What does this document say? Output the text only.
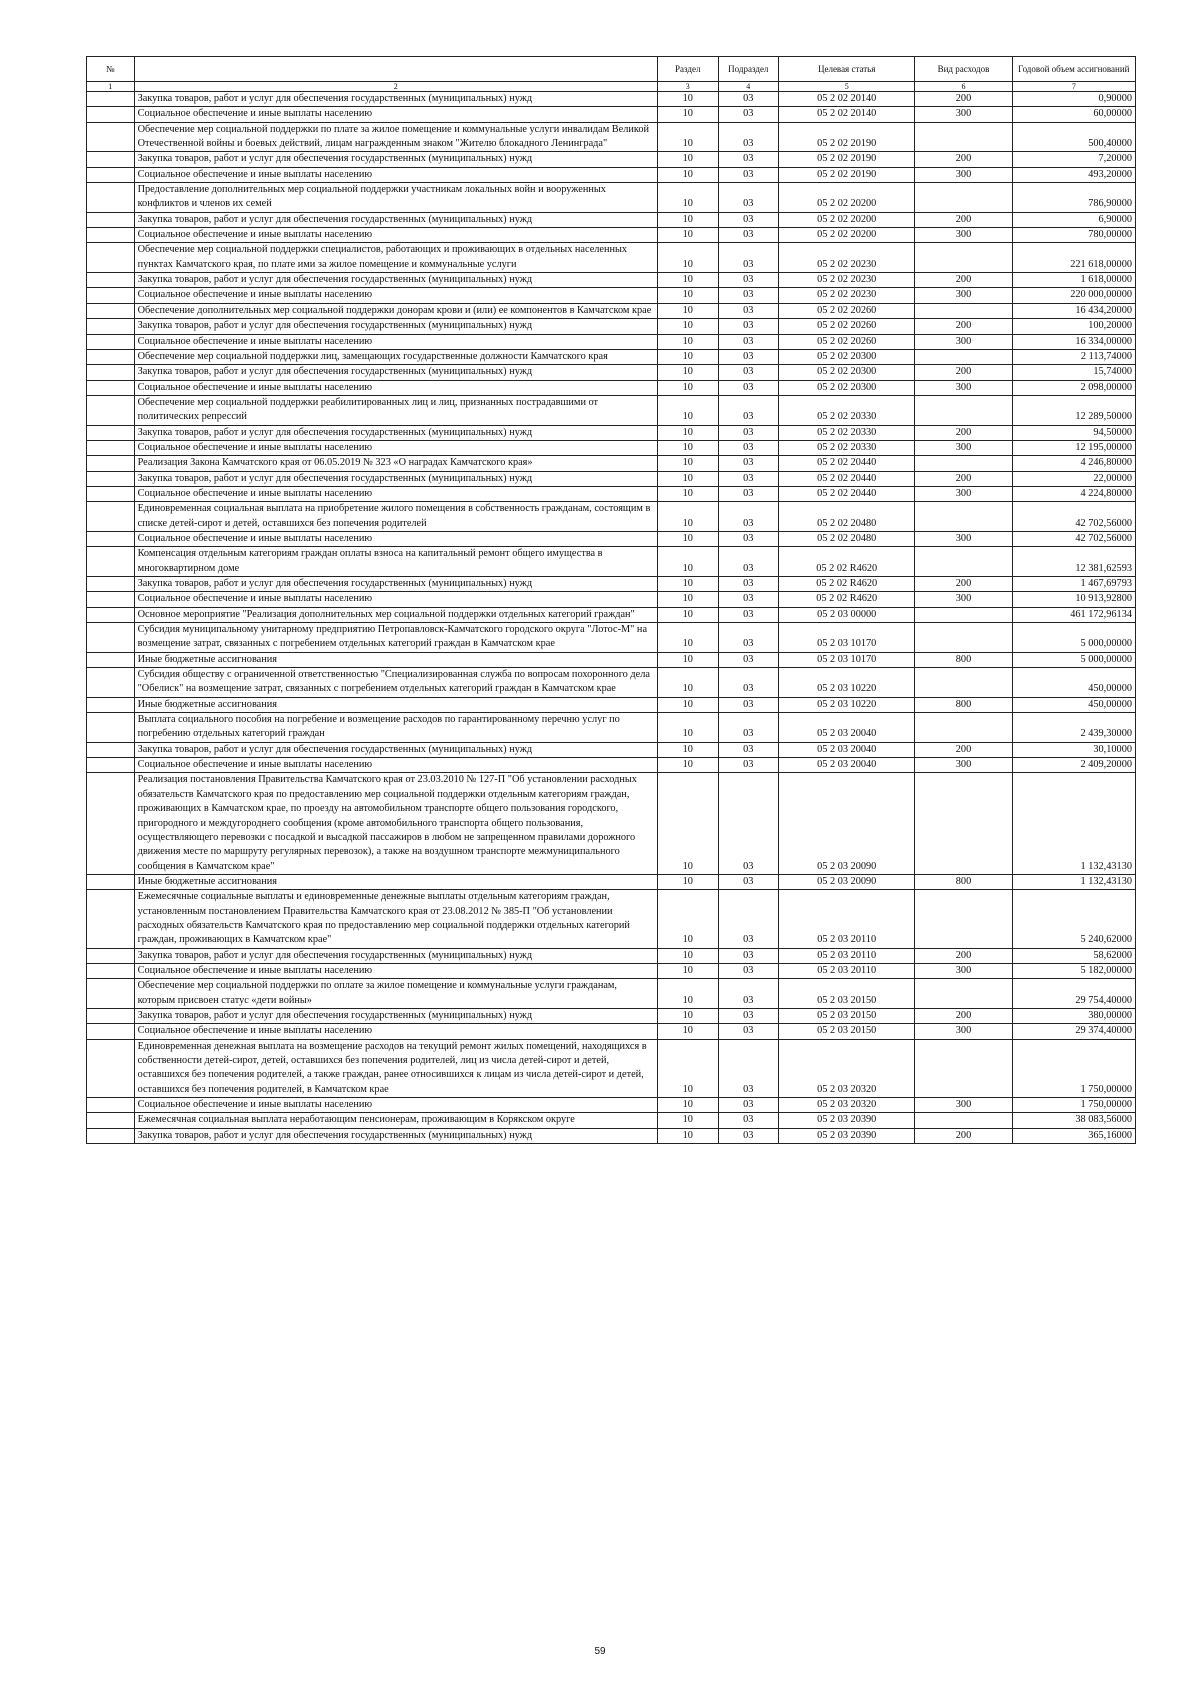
№		Раздел	Подраздел	Целевая статья	Вид расходов	Годовой объем ассигнований
1	2	3	4	5	6	7
	Закупка товаров, работ и услуг для обеспечения государственных (муниципальных) нужд	10	03	05 2 02 20140	200	0,90000
	Социальное обеспечение и иные выплаты населению	10	03	05 2 02 20140	300	60,00000
	Обеспечение мер социальной поддержки по плате за жилое помещение и коммунальные услуги инвалидам Великой Отечественной войны и боевых действий, лицам награжденным знаком "Жителю блокадного Ленинграда"	10	03	05 2 02 20190		500,40000
	Закупка товаров, работ и услуг для обеспечения государственных (муниципальных) нужд	10	03	05 2 02 20190	200	7,20000
	Социальное обеспечение и иные выплаты населению	10	03	05 2 02 20190	300	493,20000
	Предоставление дополнительных мер социальной поддержки участникам локальных войн и вооруженных конфликтов и членов их семей	10	03	05 2 02 20200		786,90000
	Закупка товаров, работ и услуг для обеспечения государственных (муниципальных) нужд	10	03	05 2 02 20200	200	6,90000
	Социальное обеспечение и иные выплаты населению	10	03	05 2 02 20200	300	780,00000
	Обеспечение мер социальной поддержки специалистов, работающих и проживающих в отдельных населенных пунктах Камчатского края, по плате ими за жилое помещение и коммунальные услуги	10	03	05 2 02 20230		221 618,00000
	Закупка товаров, работ и услуг для обеспечения государственных (муниципальных) нужд	10	03	05 2 02 20230	200	1 618,00000
	Социальное обеспечение и иные выплаты населению	10	03	05 2 02 20230	300	220 000,00000
	Обеспечение дополнительных мер социальной поддержки донорам крови и (или) ее компонентов в Камчатском крае	10	03	05 2 02 20260		16 434,20000
	Закупка товаров, работ и услуг для обеспечения государственных (муниципальных) нужд	10	03	05 2 02 20260	200	100,20000
	Социальное обеспечение и иные выплаты населению	10	03	05 2 02 20260	300	16 334,00000
	Обеспечение мер социальной поддержки лиц, замещающих государственные должности Камчатского края	10	03	05 2 02 20300		2 113,74000
	Закупка товаров, работ и услуг для обеспечения государственных (муниципальных) нужд	10	03	05 2 02 20300	200	15,74000
	Социальное обеспечение и иные выплаты населению	10	03	05 2 02 20300	300	2 098,00000
	Обеспечение мер социальной поддержки реабилитированных лиц и лиц, признанных пострадавшими от политических репрессий	10	03	05 2 02 20330		12 289,50000
	Закупка товаров, работ и услуг для обеспечения государственных (муниципальных) нужд	10	03	05 2 02 20330	200	94,50000
	Социальное обеспечение и иные выплаты населению	10	03	05 2 02 20330	300	12 195,00000
	Реализация Закона Камчатского края от 06.05.2019 № 323 «О наградах Камчатского края»	10	03	05 2 02 20440		4 246,80000
	Закупка товаров, работ и услуг для обеспечения государственных (муниципальных) нужд	10	03	05 2 02 20440	200	22,00000
	Социальное обеспечение и иные выплаты населению	10	03	05 2 02 20440	300	4 224,80000
	Единовременная социальная выплата на приобретение жилого помещения в собственность гражданам, состоящим в списке детей-сирот и детей, оставшихся без попечения родителей	10	03	05 2 02 20480		42 702,56000
	Социальное обеспечение и иные выплаты населению	10	03	05 2 02 20480	300	42 702,56000
	Компенсация отдельным категориям граждан оплаты взноса на капитальный ремонт общего имущества в многоквартирном доме	10	03	05 2 02 R4620		12 381,62593
	Закупка товаров, работ и услуг для обеспечения государственных (муниципальных) нужд	10	03	05 2 02 R4620	200	1 467,69793
	Социальное обеспечение и иные выплаты населению	10	03	05 2 02 R4620	300	10 913,92800
	Основное мероприятие "Реализация дополнительных мер социальной поддержки отдельных категорий граждан"	10	03	05 2 03 00000		461 172,96134
	Субсидия муниципальному унитарному предприятию Петропавловск-Камчатского городского округа "Лотос-М" на возмещение затрат, связанных с погребением отдельных категорий граждан в Камчатском крае	10	03	05 2 03 10170		5 000,00000
	Иные бюджетные ассигнования	10	03	05 2 03 10170	800	5 000,00000
	Субсидия обществу с ограниченной ответственностью "Специализированная служба по вопросам похоронного дела "Обелиск" на возмещение затрат, связанных с погребением отдельных категорий граждан в Камчатском крае	10	03	05 2 03 10220		450,00000
	Иные бюджетные ассигнования	10	03	05 2 03 10220	800	450,00000
	Выплата социального пособия на погребение и возмещение расходов по гарантированному перечню услуг по погребению отдельных категорий граждан	10	03	05 2 03 20040		2 439,30000
	Закупка товаров, работ и услуг для обеспечения государственных (муниципальных) нужд	10	03	05 2 03 20040	200	30,10000
	Социальное обеспечение и иные выплаты населению	10	03	05 2 03 20040	300	2 409,20000
	Реализация постановления Правительства Камчатского края от 23.03.2010 № 127-П "Об установлении расходных обязательств Камчатского края по предоставлению мер социальной поддержки отдельным категориям граждан, проживающих в Камчатском крае, по проезду на автомобильном транспорте общего пользования городского, пригородного и междугороднего сообщения (кроме автомобильного транспорта общего пользования, осуществляющего перевозки с посадкой и высадкой пассажиров в любом не запрещенном правилами дорожного движения месте по маршруту регулярных перевозок), а также на воздушном транспорте межмуниципального сообщения в Камчатском крае"	10	03	05 2 03 20090		1 132,43130
	Иные бюджетные ассигнования	10	03	05 2 03 20090	800	1 132,43130
	Ежемесячные социальные выплаты и единовременные денежные выплаты отдельным категориям граждан, установленным постановлением Правительства Камчатского края от 23.08.2012 № 385-П "Об установлении расходных обязательств Камчатского края по предоставлению мер социальной поддержки отдельных категорий граждан, проживающих в Камчатском крае"	10	03	05 2 03 20110		5 240,62000
	Закупка товаров, работ и услуг для обеспечения государственных (муниципальных) нужд	10	03	05 2 03 20110	200	58,62000
	Социальное обеспечение и иные выплаты населению	10	03	05 2 03 20110	300	5 182,00000
	Обеспечение мер социальной поддержки по оплате за жилое помещение и коммунальные услуги гражданам, которым присвоен статус «дети войны»	10	03	05 2 03 20150		29 754,40000
	Закупка товаров, работ и услуг для обеспечения государственных (муниципальных) нужд	10	03	05 2 03 20150	200	380,00000
	Социальное обеспечение и иные выплаты населению	10	03	05 2 03 20150	300	29 374,40000
	Единовременная денежная выплата на возмещение расходов на текущий ремонт жилых помещений, находящихся в собственности детей-сирот, детей, оставшихся без попечения родителей, лиц из числа детей-сирот и детей, оставшихся без попечения родителей, а также граждан, ранее относившихся к лицам из числа детей-сирот и детей, оставшихся без попечения родителей, в Камчатском крае	10	03	05 2 03 20320		1 750,00000
	Социальное обеспечение и иные выплаты населению	10	03	05 2 03 20320	300	1 750,00000
	Ежемесячная социальная выплата неработающим пенсионерам, проживающим в Корякском округе	10	03	05 2 03 20390		38 083,56000
	Закупка товаров, работ и услуг для обеспечения государственных (муниципальных) нужд	10	03	05 2 03 20390	200	365,16000
59
